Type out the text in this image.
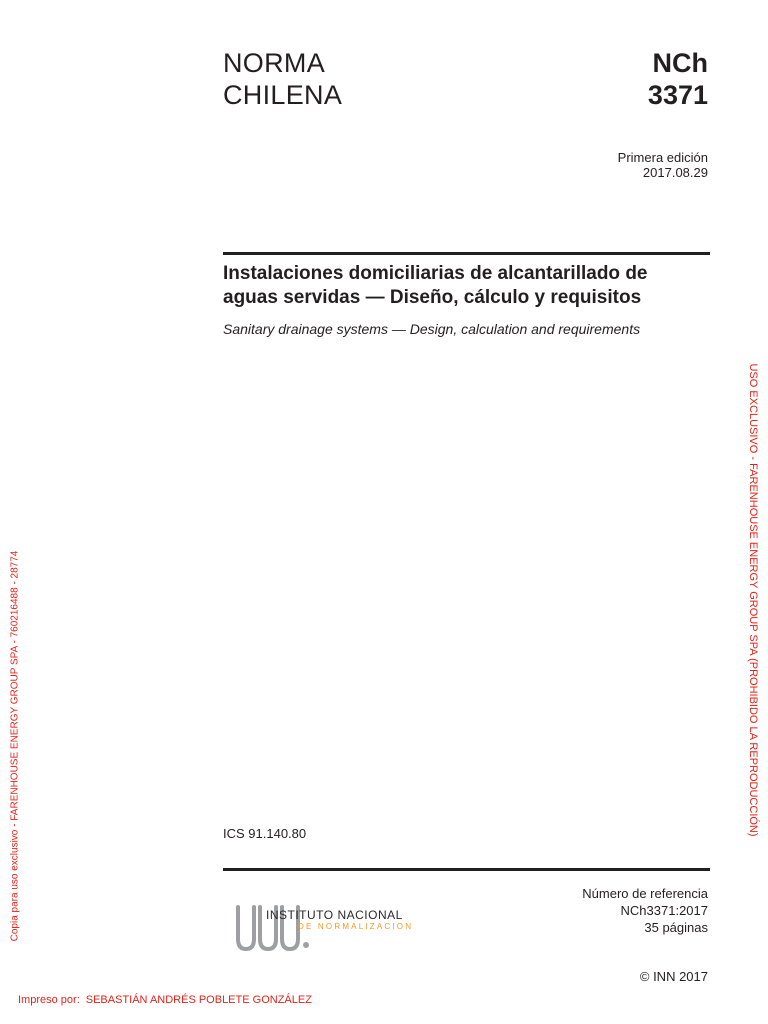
NORMA
CHILENA
NCh
3371
Primera edición
2017.08.29
Instalaciones domiciliarias de alcantarillado de
aguas servidas — Diseño, cálculo y requisitos
Sanitary drainage systems — Design, calculation and requirements
ICS 91.140.80
INSTITUTO NACIONAL
DE NORMALIZACION
Número de referencia
NCh3371:2017
35 páginas
© INN 2017
Copia para uso exclusivo - FARENHOUSE ENERGY GROUP SPA - 760216488 - 28774	USO EXCLUSIVO - FARENHOUSE ENERGY GROUP SPA (PROHIBIDO LA REPRODUCCIÓN)
Impreso por: SEBASTIÁN ANDRÉS POBLETE GONZÁLEZ
